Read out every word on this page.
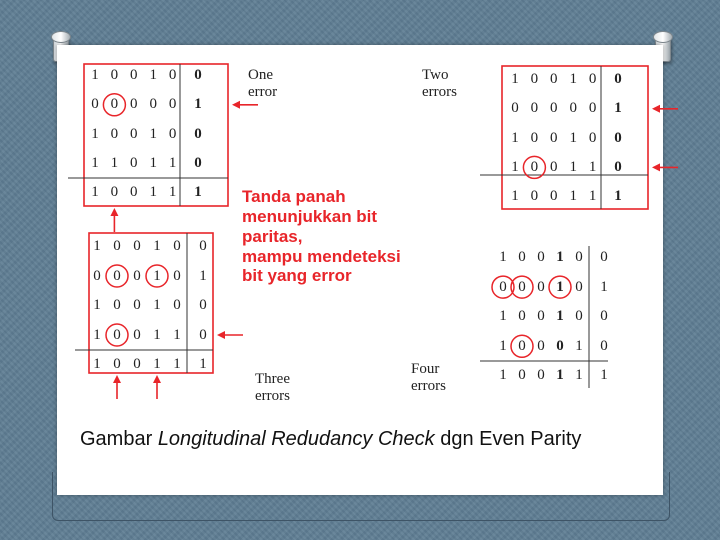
One
error
Two
errors
Three
errors
Four
errors
Tanda panah
menunjukkan bit
paritas,
mampu mendeteksi
bit yang error
Gambar Longitudinal Redudancy Check dgn Even Parity
1 0 0 1 0	0
0 0 0 0 0	1
1 0 0 1 0	0
1 1 0 1 1	0
1 0 0 1 1	1
1 0 0 1 0	0
0 0 0 0 0	1
1 0 0 1 0	0
1 0 0 1 1	0
1 0 0 1 1	1
1 0 0 1 0	0
0 0 0 1 0	1
1 0 0 1 0	0
1 0 0 1 1	0
1 0 0 1 1	1
1 0 0 1 0	0
0 0 0 1 0	1
1 0 0 1 0	0
1 0 0 0 1	0
1 0 0 1 1	1
